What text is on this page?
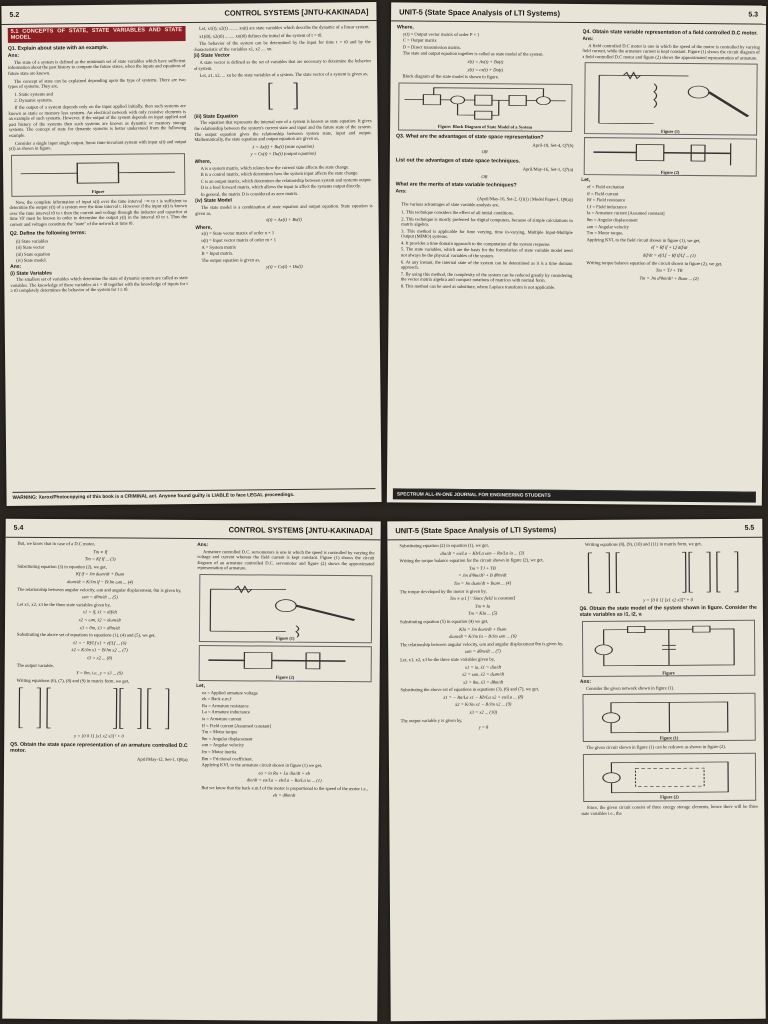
5.2	CONTROL SYSTEMS [JNTU-KAKINADA]
5.1 CONCEPTS OF STATE, STATE VARIABLES AND STATE MODEL
Q1. Explain about state with an example.
Ans:

The state of a system is defined as the minimum set of state variables which have sufficient information about the past history to compute the future states, when the inputs and equations of future state are known.

The concept of state can be explained depending upon the type of systems. There are two types of systems. They are,

1. Static systems and
2. Dynamic systems.

If the output of a system depends only on the input applied initially, then such systems are known as static or memory less systems. An electrical network with only resistive elements is an example of such systems. However, if the output of the system depends on input applied and past history of the systems then such systems are known as dynamic or memory storage systems. The concept of state for dynamic systems is better understood from the following example.

Consider a single input single output, linear time-invariant system with input x(t) and output y(t) as shown in figure.

Figure

Now, the complete information of input x(t) over the time interval −∞ to t is sufficient to determine the output y(t) of a system over the time interval t. However if the input x(t) is known over the time interval t0 to t then the current and voltage through the inductor and capacitor at time 't0' must be known in order to determine the output y(t) in the interval t0 to t. Thus the current and voltages constitute the "state" of the network at time t0.

Q2. Define the following terms:
(i) State variables
(ii) State vector
(iii) State equation
(iv) State model.
Ans:
(i) State Variables

The smallest set of variables which determine the state of dynamic system are called as state variables. The knowledge of these variables at t = t0 together with the knowledge of inputs for t ≥ t0 completely determines the behavior of the system for t ≥ t0.

Let, x1(t), x2(t) ........ xn(t) are state variables which describe the dynamic of a linear system.

x1(t0), x2(t0) ........ xn(t0) defines the initial of the system of t = t0.

The behavior of the system can be determined by the input for time t > t0 and by the characteristic of the variables x1, x2 .... xn.

(ii) State Vector

A state vector is defined as the set of variables that are necessary to determine the behavior of system.

Let, x1, x2, ... xn be the state variables of a system. The state vector of a system is given as,

(iii) State Equation

The equation that represents the internal rate of a system is known as state equation. It gives the relationship between the system's current state and input and the future state of the system. The output equation gives the relationship between system state, input and output. Mathematically, the state equation and output equation are given as,

ẋ = Ax(t) + Bu(t) (state equation)
y = Cx(t) + Du(t) (output equation)
Where,
A is a system matrix, which relates how the current state affects the state change.
B is a control matrix, which determines how the system input affects the state change.
C is an output matrix, which determines the relationship between system and systems output.
D is a feed forward matrix, which allows the input to affect the systems output directly.

In general, the matrix D is considered as zero matrix.

(iv) State Model

The state model is a combination of state equation and output equation. State equation is given as,

ẋ(t) = Ax(t) + Bu(t)
Where,
x(t) = State vector matrix of order n × 1
u(t) = Input vector matrix of order m × 1
A = System matrix
B = Input matrix.

The output equation is given as,

y(t) = Cx(t) + Du(t)
WARNING: Xerox/Photocopying of this book is a CRIMINAL act. Anyone found guilty is LIABLE to face LEGAL proceedings.
UNIT-5 (State Space Analysis of LTI Systems)	5.3
Where,
y(t) = Output vector matrix of order P × 1
C = Output matrix
D = Direct transmission matrix.

The state and output equation together is called as state model of the system.

ẋ(t) = Ax(t) + Bu(t)
y(t) = cx(t) + Du(t)

Block diagram of the state model is shown in figure.

Figure: Block Diagram of State Model of a System
Q3. What are the advantages of state space representation?
April-18, Set-4, Q7(b)
OR
List out the advantages of state space techniques.
April/May-16, Set-1, Q7(a)
OR
What are the merits of state variable techniques?
Ans:
(April/May-16, Set-2, Q1(i) | Model Paper-I, Q9(a))

The various advantages of state variable analysis are,

1. This technique considers the effect of all initial conditions.
2. This technique is mostly preferred for digital computers, because of simple calculations in matrix algebra.
3. This method is applicable for time varying, time in-varying, Multiple Input-Multiple Output (MIMO) systems.
4. It provides a time domain approach to the computation of the system response.
5. The state variables, which are the basis for the formulation of state variable model need not always be the physical variables of the system.
6. At any instant, the internal state of the system can be determined as it is a time domain approach.
7. By using this method, the complexity of the system can be reduced greatly by considering the vector matrix algebra and compact notations of matrices with normal form.
8. This method can be used as substitute, where Laplace transform is not applicable.
Q4. Obtain state variable representation of a field controlled D.C motor.
Ans:

A field controlled D.C motor is one in which the speed of the motor is controlled by varying field current, while the armature current is kept constant. Figure (1) shows the circuit diagram of a field controlled D.C motor and figure (2) shows the approximated representation of armature.

Figure (1)
Figure (2)
Let,
ef = Field excitation
if = Field current
Rf = Field resistance
Lf = Field inductance
Ia = Armature current [Assumed constant]
θm = Angular displacement
ωm = Angular velocity
Tm = Motor torque.

Applying KVL to the field circuit shown in figure (1), we get,

ef = Rf if + Lf dif/dt
dif/dt = ef/Lf − Rf if/Lf ... (1)

Writing torque balance equation of the circuit shown in figure (2), we get,

Tm = TJ + TB
Tm = Jm d²θm/dt² + Bωm ... (2)
SPECTRUM ALL-IN-ONE JOURNAL FOR ENGINEERING STUDENTS
5.4	CONTROL SYSTEMS [JNTU-KAKINADA]

But, we know that in case of a D.C motor,

Tm ∝ If
Tm = Kf If ... (3)

Substituting equation (3) in equation (2), we get,

Kf if = Jm dωm/dt + Bωm
dωm/dt = K/Jm if − B/Jm ωm ... (4)

The relationship between angular velocity, ωm and angular displacement, θm is given by,

ωm = dθm/dt ... (5)

Let x1, x2, x3 be the three state variables given by,

x1 = if, ẋ1 = dif/dt
x2 = ωm, ẋ2 = dωm/dt
x3 = θm, ẋ3 = dθm/dt

Substituting the above set of equations in equations (1), (4) and (5), we get,

ẋ1 = − Rf/Lf x1 + ef/Lf ... (6)
ẋ2 = K/Jm x1 − B/Jm x2 ... (7)
ẋ3 = x2 ... (8)

The output variable,

Y = θm, i.e., y = x3 ... (9)

Writing equations (6), (7), (8) and (9) in matrix form, we get,

y = [0 0 1] [x1 x2 x3]ᵀ + 0
Q5. Obtain the state space representation of an armature controlled D.C motor.
April/May-12, Set-1, Q8(a)
Ans:

Armature controlled D.C. servomotors is one in which the speed is controlled by varying the voltage and current whereas the field current is kept constant. Figure (1) shows the circuit diagram of an armature controlled D.C. servomotor and figure (2) shows the approximated representation of armature.

Figure (1)
Figure (2)
Let,
ea = Applied armature voltage
eb = Back e.m.f
Ra = Armature resistance
La = Armature inductance
ia = Armature current
If = Field current [Assumed constant]
Tm = Motor torque
θm = Angular displacement
ωm = Angular velocity
Jm = Motor inertia
Bm = Frictional coefficient.

Applying KVL to the armature circuit shown in figure (1) we get,

ea = ia Ra + La dia/dt + eb
dia/dt = ea/La − eb/La − Ra/La ia ... (1)

But we know that the back e.m.f of the motor is proportional to the speed of the motor i.e.,

eb = dθm/dt
UNIT-5 (State Space Analysis of LTI Systems)	5.5

Substituting equation (2) in equation (1), we get,

dia/dt = ea/La − Kb/La ωm − Ra/La ia ... (3)

Writing the torque balance equation for the circuit shown in figure (2), we get,

Tm = TJ + TB
= Jm d²θm/dt² + B dθm/dt
Tm = Jm dωm/dt + Bωm ... (4)

The torque developed by the motor is given by,

Tm ∝ φ I [∵ Since field is constant]
Tm ∝ Ia
Tm = KIa ... (5)

Substituting equation (5) in equation (4) we get,

KIa = Jm dωm/dt + Bωm
dωm/dt = K/Jm Ia − B/Jm ωm ... (6)

The relationship between angular velocity, ωm and angular displacement θm is given by,

ωm = dθm/dt ... (7)

Let, x1, x2, x3 be the three state variables given by,

x1 = ia, ẋ1 = dia/dt
x2 = ωm, ẋ2 = dωm/dt
x3 = θm, ẋ3 = dθm/dt

Substituting the above set of equations in equations (3), (6) and (7), we get,

ẋ1 = − Ra/La x1 − Kb/La x2 + ea/La ... (8)
ẋ2 = K/Jm x1 − B/Jm x2 ... (9)
ẋ3 = x2 ... (10)

The output variable y is given by,

y = θ

Writing equations (8), (9), (10) and (11) in matrix form, we get,

y = [0 0 1] [x1 x2 x3]ᵀ + 0
Q6. Obtain the state model of the system shown in figure. Consider the state variables as i1, i2, v.
Figure
Ans:

Consider the given network shown in figure (1).

Figure (1)

The given circuit shown in figure (1) can be redrawn as shown in figure (2).

Figure (2)

Since, the given circuit consist of three energy storage elements, hence there will be three state variables i.e., the
